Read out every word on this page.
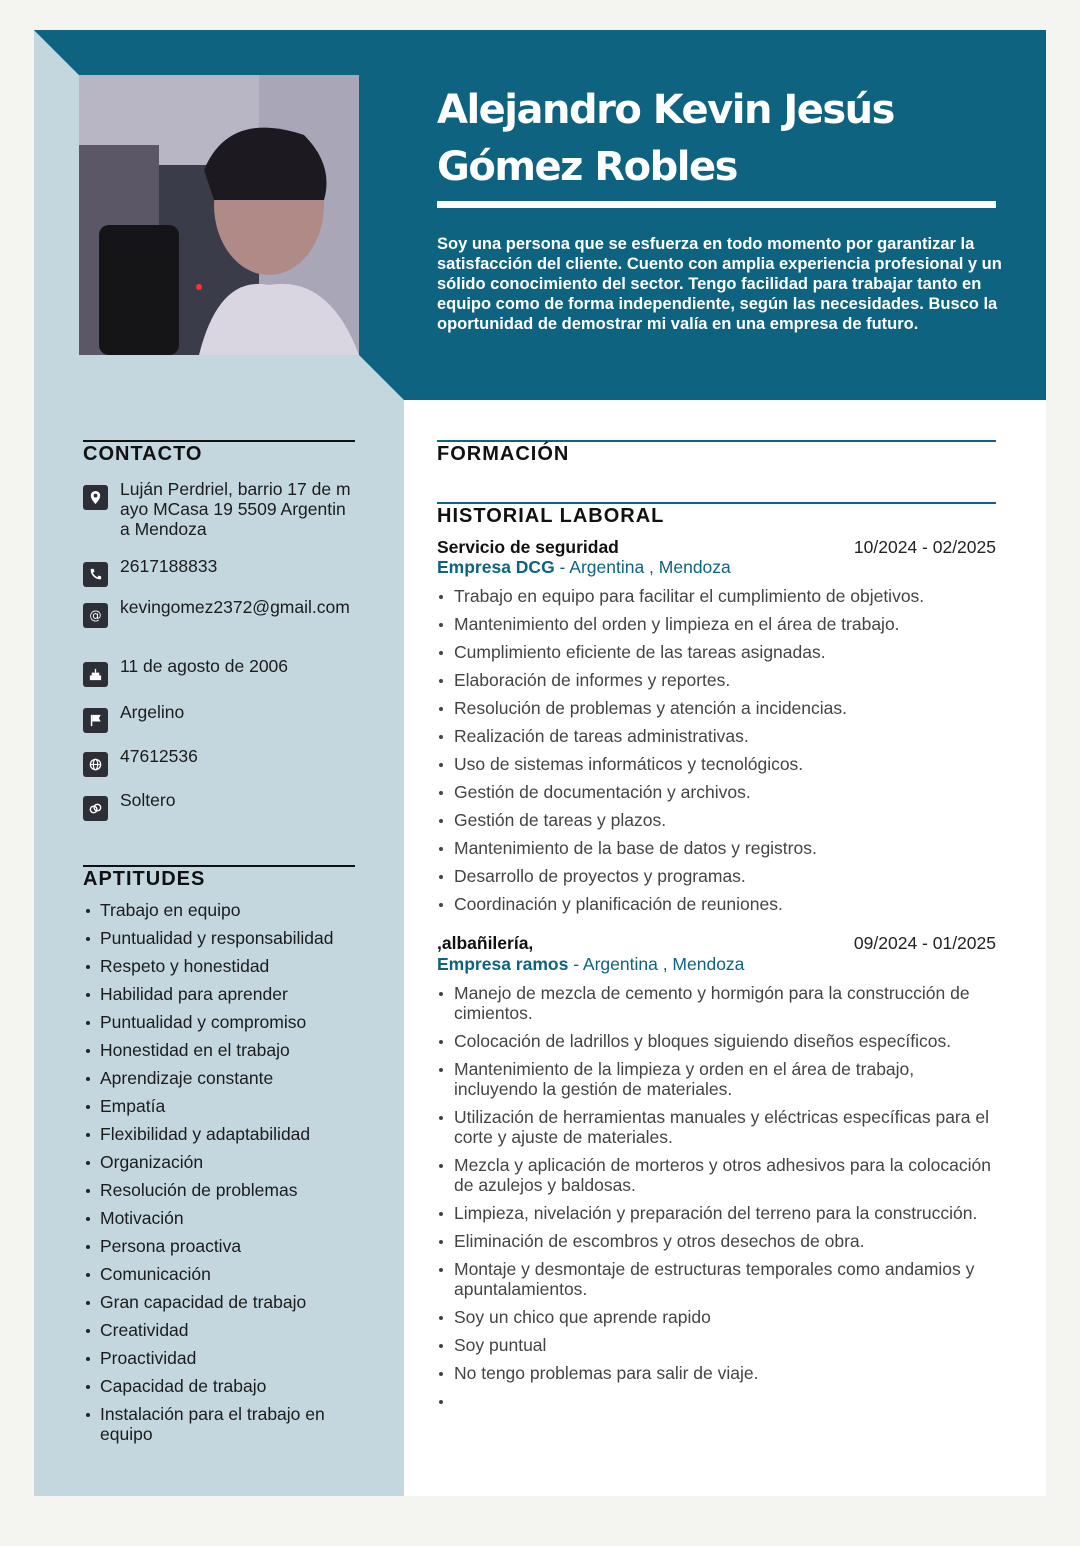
Alejandro Kevin Jesús
Gómez Robles
Soy una persona que se esfuerza en todo momento por garantizar la satisfacción del cliente. Cuento con amplia experiencia profesional y un sólido conocimiento del sector. Tengo facilidad para trabajar tanto en equipo como de forma independiente, según las necesidades. Busco la oportunidad de demostrar mi valía en una empresa de futuro.
CONTACTO
Luján Perdriel, barrio 17 de mayo MCasa 19 5509 Argentina Mendoza
2617188833
@ kevingomez2372@gmail.com
11 de agosto de 2006
Argelino
47612536
Soltero
APTITUDES
Trabajo en equipo
Puntualidad y responsabilidad
Respeto y honestidad
Habilidad para aprender
Puntualidad y compromiso
Honestidad en el trabajo
Aprendizaje constante
Empatía
Flexibilidad y adaptabilidad
Organización
Resolución de problemas
Motivación
Persona proactiva
Comunicación
Gran capacidad de trabajo
Creatividad
Proactividad
Capacidad de trabajo
Instalación para el trabajo en equipo
FORMACIÓN
HISTORIAL LABORAL
Servicio de seguridad	10/2024 - 02/2025
Empresa DCG - Argentina , Mendoza
Trabajo en equipo para facilitar el cumplimiento de objetivos.
Mantenimiento del orden y limpieza en el área de trabajo.
Cumplimiento eficiente de las tareas asignadas.
Elaboración de informes y reportes.
Resolución de problemas y atención a incidencias.
Realización de tareas administrativas.
Uso de sistemas informáticos y tecnológicos.
Gestión de documentación y archivos.
Gestión de tareas y plazos.
Mantenimiento de la base de datos y registros.
Desarrollo de proyectos y programas.
Coordinación y planificación de reuniones.
,albañilería,	09/2024 - 01/2025
Empresa ramos - Argentina , Mendoza
Manejo de mezcla de cemento y hormigón para la construcción de cimientos.
Colocación de ladrillos y bloques siguiendo diseños específicos.
Mantenimiento de la limpieza y orden en el área de trabajo, incluyendo la gestión de materiales.
Utilización de herramientas manuales y eléctricas específicas para el corte y ajuste de materiales.
Mezcla y aplicación de morteros y otros adhesivos para la colocación de azulejos y baldosas.
Limpieza, nivelación y preparación del terreno para la construcción.
Eliminación de escombros y otros desechos de obra.
Montaje y desmontaje de estructuras temporales como andamios y apuntalamientos.
Soy un chico que aprende rapido
Soy puntual
No tengo problemas para salir de viaje.
